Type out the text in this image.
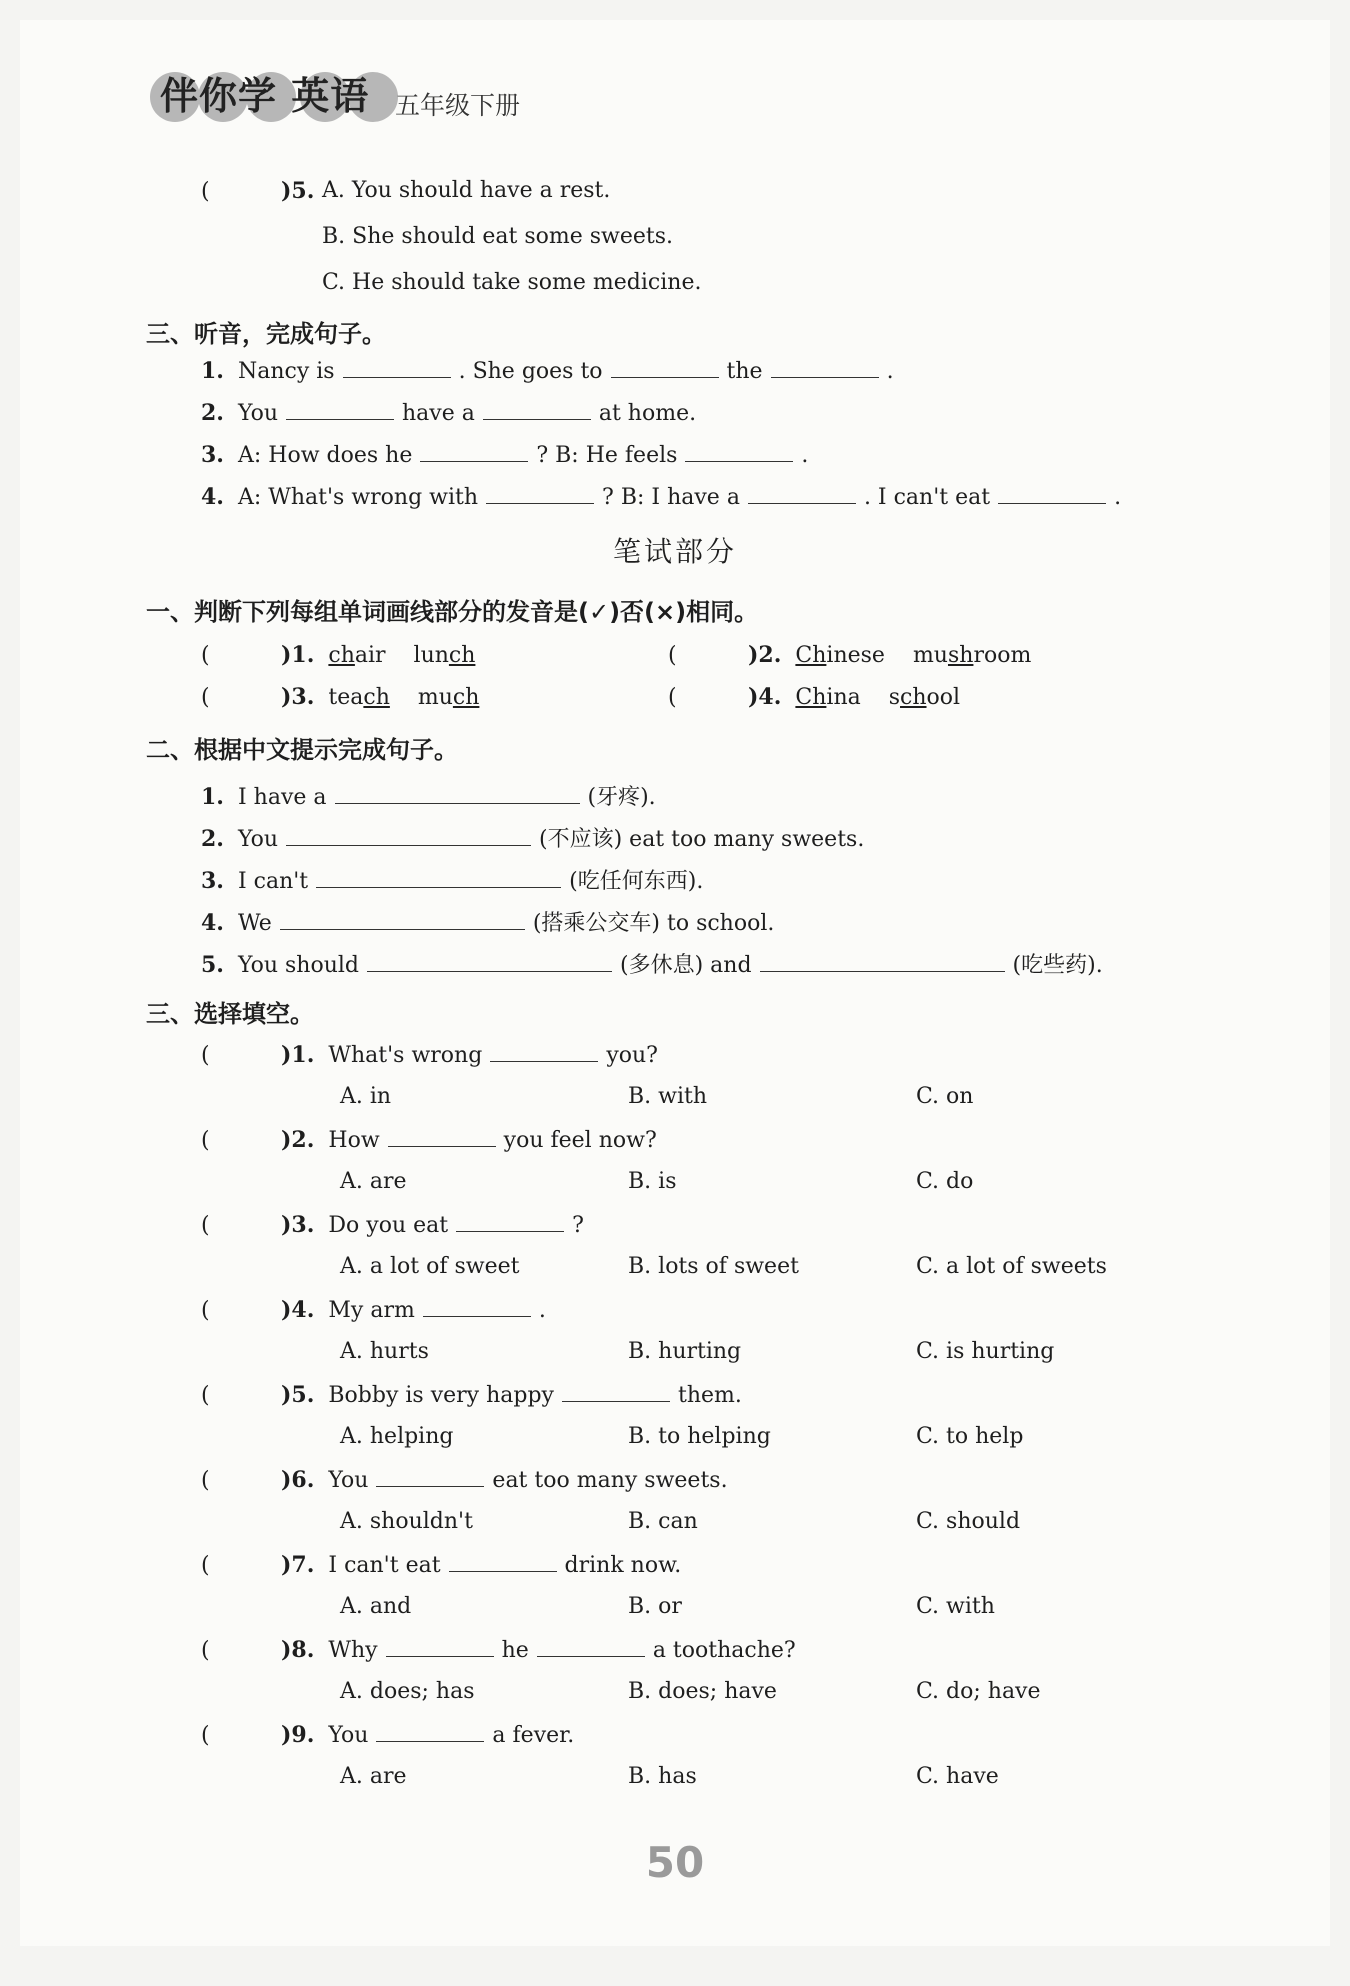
伴你学 英语 五年级下册
(	)5. A. You should have a rest.
B. She should eat some sweets.
C. He should take some medicine.
三、听音，完成句子。
1. Nancy is	. She goes to	the	.
2. You	have a	at home.
3. A: How does he	? B: He feels	.
4. A: What's wrong with	? B: I have a	. I can't eat	.
笔试部分
一、判断下列每组单词画线部分的发音是(✓)否(×)相同。
(	)1. chair lunch	(	)2. Chinese mushroom
(	)3. teach much	(	)4. China school
二、根据中文提示完成句子。
1. I have a	(牙疼).
2. You	(不应该) eat too many sweets.
3. I can't	(吃任何东西).
4. We	(搭乘公交车) to school.
5. You should	(多休息) and	(吃些药).
三、选择填空。
(	)1. What's wrong	you?
A. in	B. with	C. on
(	)2. How	you feel now?
A. are	B. is	C. do
(	)3. Do you eat	?
A. a lot of sweet	B. lots of sweet	C. a lot of sweets
(	)4. My arm	.
A. hurts	B. hurting	C. is hurting
(	)5. Bobby is very happy	them.
A. helping	B. to helping	C. to help
(	)6. You	eat too many sweets.
A. shouldn't	B. can	C. should
(	)7. I can't eat	drink now.
A. and	B. or	C. with
(	)8. Why	he	a toothache?
A. does; has	B. does; have	C. do; have
(	)9. You	a fever.
A. are	B. has	C. have
50
